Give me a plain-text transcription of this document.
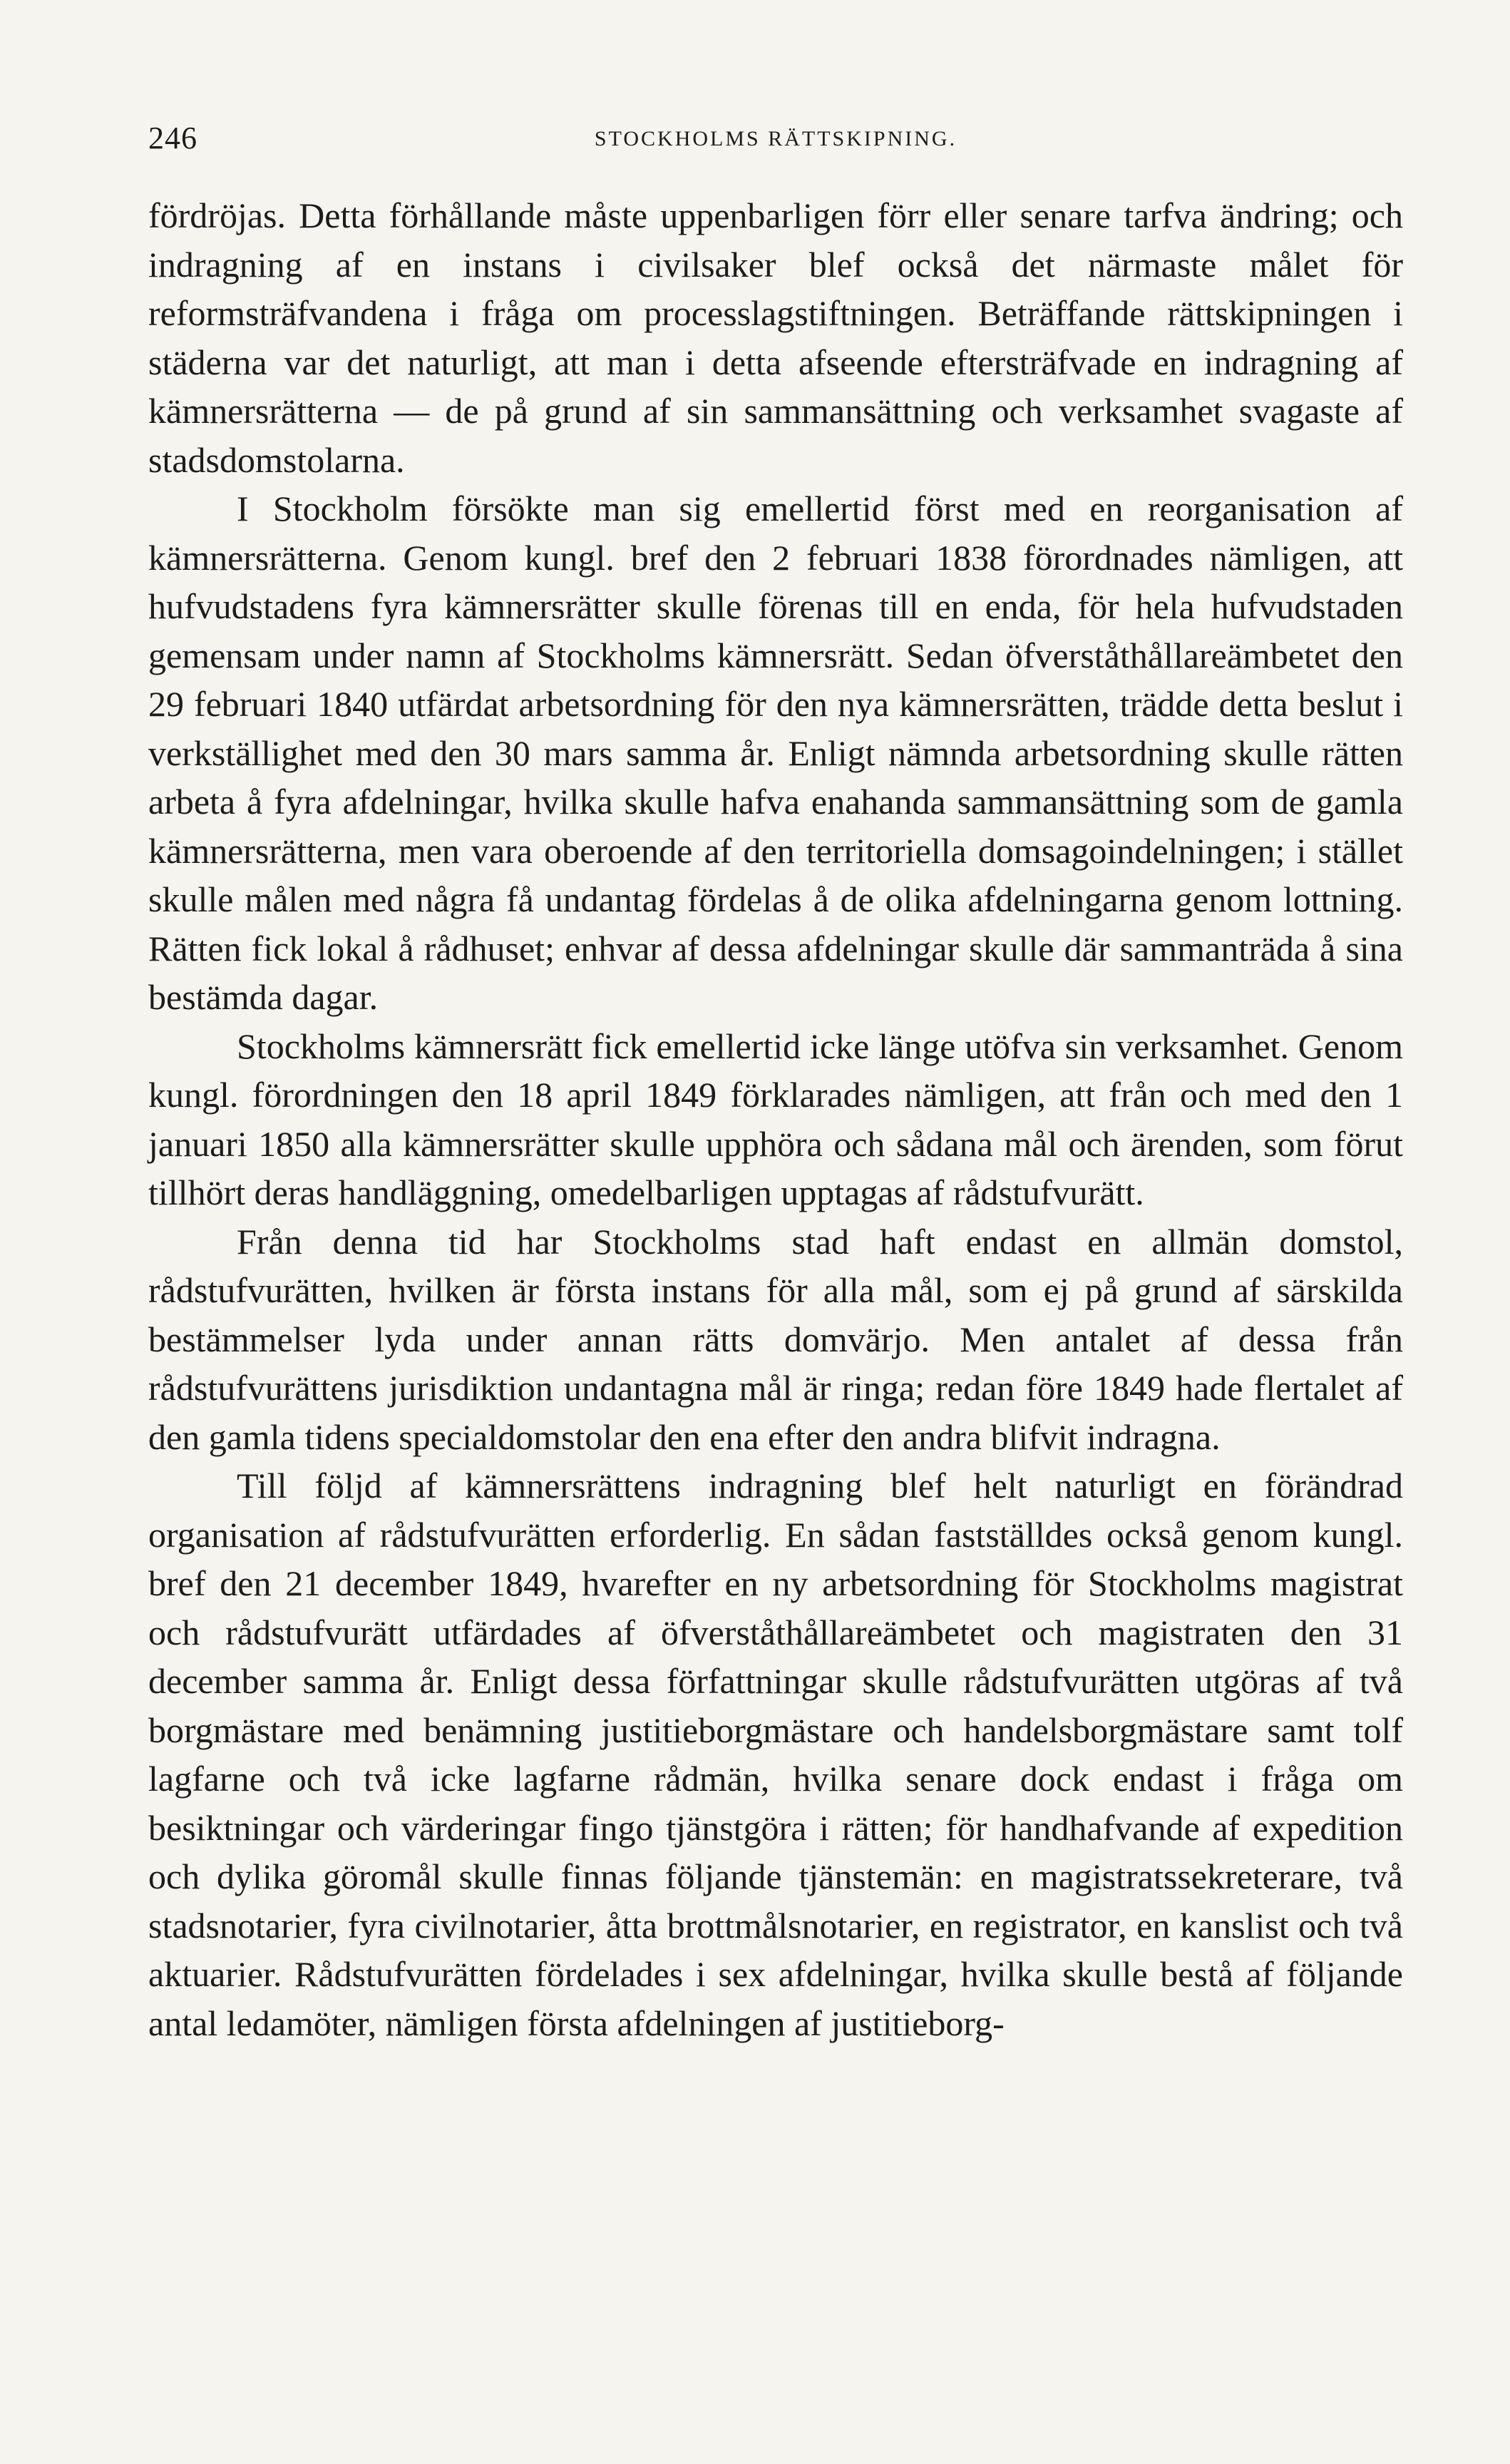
246	STOCKHOLMS RÄTTSKIPNING.

fördröjas. Detta förhållande måste uppenbarligen förr eller senare tarfva ändring; och indragning af en instans i civilsaker blef också det närmaste målet för reformsträfvandena i fråga om processlagstiftningen. Beträffande rättskipningen i städerna var det naturligt, att man i detta afseende eftersträfvade en indragning af kämnersrätterna — de på grund af sin sammansättning och verksamhet svagaste af stadsdomstolarna.

I Stockholm försökte man sig emellertid först med en reorganisation af kämnersrätterna. Genom kungl. bref den 2 februari 1838 förordnades nämligen, att hufvudstadens fyra kämnersrätter skulle förenas till en enda, för hela hufvudstaden gemensam under namn af Stockholms kämnersrätt. Sedan öfverståthållareämbetet den 29 februari 1840 utfärdat arbetsordning för den nya kämnersrätten, trädde detta beslut i verkställighet med den 30 mars samma år. Enligt nämnda arbetsordning skulle rätten arbeta å fyra afdelningar, hvilka skulle hafva enahanda sammansättning som de gamla kämnersrätterna, men vara oberoende af den territoriella domsagoindelningen; i stället skulle målen med några få undantag fördelas å de olika afdelningarna genom lottning. Rätten fick lokal å rådhuset; enhvar af dessa afdelningar skulle där sammanträda å sina bestämda dagar.

Stockholms kämnersrätt fick emellertid icke länge utöfva sin verksamhet. Genom kungl. förordningen den 18 april 1849 förklarades nämligen, att från och med den 1 januari 1850 alla kämnersrätter skulle upphöra och sådana mål och ärenden, som förut tillhört deras handläggning, omedelbarligen upptagas af rådstufvurätt.

Från denna tid har Stockholms stad haft endast en allmän domstol, rådstufvurätten, hvilken är första instans för alla mål, som ej på grund af särskilda bestämmelser lyda under annan rätts domvärjo. Men antalet af dessa från rådstufvurättens jurisdiktion undantagna mål är ringa; redan före 1849 hade flertalet af den gamla tidens specialdomstolar den ena efter den andra blifvit indragna.

Till följd af kämnersrättens indragning blef helt naturligt en förändrad organisation af rådstufvurätten erforderlig. En sådan fastställdes också genom kungl. bref den 21 december 1849, hvarefter en ny arbetsordning för Stockholms magistrat och rådstufvurätt utfärdades af öfverståthållareämbetet och magistraten den 31 december samma år. Enligt dessa författningar skulle rådstufvurätten utgöras af två borgmästare med benämning justitieborgmästare och handelsborgmästare samt tolf lagfarne och två icke lagfarne rådmän, hvilka senare dock endast i fråga om besiktningar och värderingar fingo tjänstgöra i rätten; för handhafvande af expedition och dylika göromål skulle finnas följande tjänstemän: en magistratssekreterare, två stadsnotarier, fyra civilnotarier, åtta brottmålsnotarier, en registrator, en kanslist och två aktuarier. Rådstufvurätten fördelades i sex afdelningar, hvilka skulle bestå af följande antal ledamöter, nämligen första afdelningen af justitieborg-
